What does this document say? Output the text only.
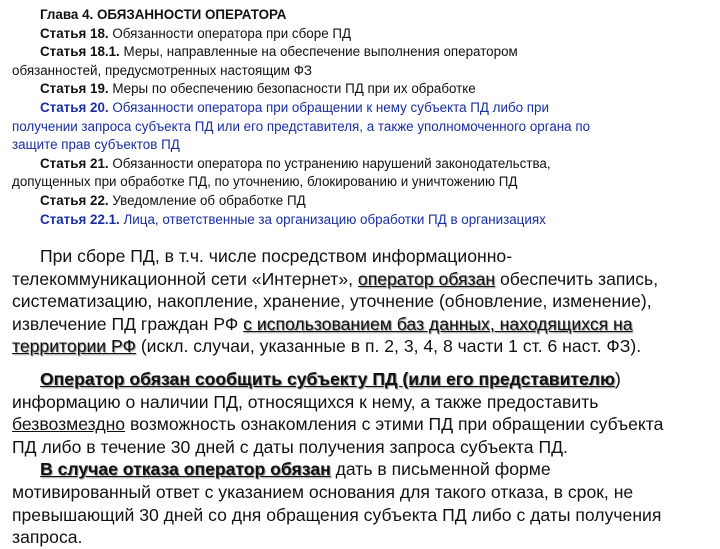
Глава 4. ОБЯЗАННОСТИ ОПЕРАТОРА
Статья 18. Обязанности оператора при сборе ПД
Статья 18.1. Меры, направленные на обеспечение выполнения оператором
обязанностей, предусмотренных настоящим ФЗ
Статья 19. Меры по обеспечению безопасности ПД при их обработке
Статья 20. Обязанности оператора при обращении к нему субъекта ПД либо при
получении запроса субъекта ПД или его представителя, а также уполномоченного органа по
защите прав субъектов ПД
Статья 21. Обязанности оператора по устранению нарушений законодательства,
допущенных при обработке ПД, по уточнению, блокированию и уничтожению ПД
Статья 22. Уведомление об обработке ПД
Статья 22.1. Лица, ответственные за организацию обработки ПД в организациях
При сборе ПД, в т.ч. числе посредством информационно-
телекоммуникационной сети «Интернет», оператор обязан обеспечить запись,
систематизацию, накопление, хранение, уточнение (обновление, изменение),
извлечение ПД граждан РФ с использованием баз данных, находящихся на
территории РФ (искл. случаи, указанные в п. 2, 3, 4, 8 части 1 ст. 6 наст. ФЗ).
Оператор обязан сообщить субъекту ПД (или его представителю)
информацию о наличии ПД, относящихся к нему, а также предоставить
безвозмездно возможность ознакомления с этими ПД при обращении субъекта
ПД либо в течение 30 дней с даты получения запроса субъекта ПД.
В случае отказа оператор обязан дать в письменной форме
мотивированный ответ с указанием основания для такого отказа, в срок, не
превышающий 30 дней со дня обращения субъекта ПД либо с даты получения
запроса.
